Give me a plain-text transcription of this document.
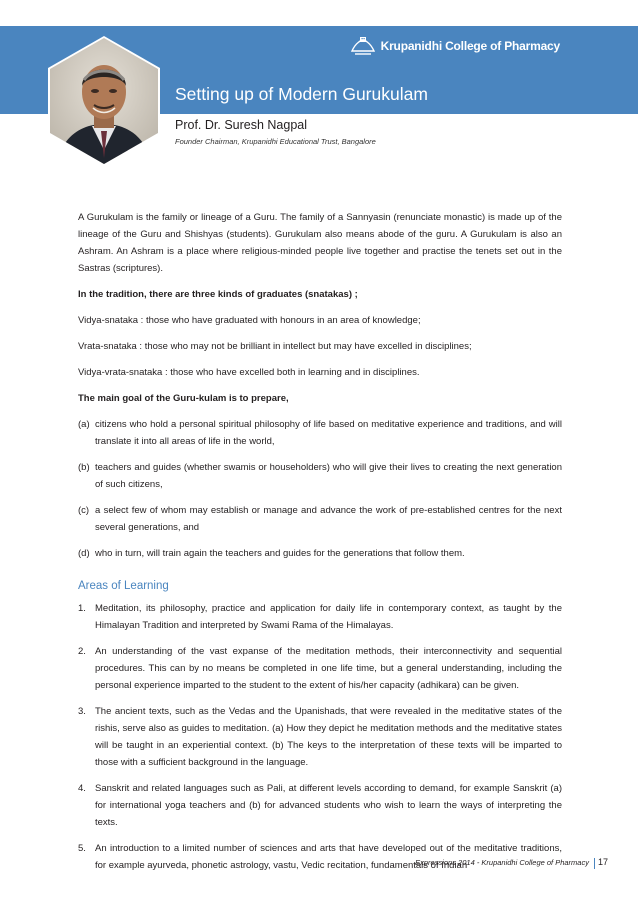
Krupanidhi College of Pharmacy
Setting up of Modern Gurukulam
Prof. Dr. Suresh Nagpal
Founder Chairman, Krupanidhi Educational Trust, Bangalore

A Gurukulam is the family or lineage of a Guru. The family of a Sannyasin (renunciate monastic) is made up of the lineage of the Guru and Shishyas (students). Gurukulam also means abode of the guru. A Gurukulam is also an Ashram. An Ashram is a place where religious-minded people live together and practise the tenets set out in the Sastras (scriptures).

In the tradition, there are three kinds of graduates (snatakas) ;

Vidya-snataka : those who have graduated with honours in an area of knowledge;

Vrata-snataka : those who may not be brilliant in intellect but may have excelled in disciplines;

Vidya-vrata-snataka : those who have excelled both in learning and in disciplines.

The main goal of the Guru-kulam is to prepare,

(a) citizens who hold a personal spiritual philosophy of life based on meditative experience and traditions, and will translate it into all areas of life in the world,
(b) teachers and guides (whether swamis or householders) who will give their lives to creating the next generation of such citizens,
(c) a select few of whom may establish or manage and advance the work of pre-established centres for the next several generations, and
(d) who in turn, will train again the teachers and guides for the generations that follow them.
Areas of Learning
1. Meditation, its philosophy, practice and application for daily life in contemporary context, as taught by the Himalayan Tradition and interpreted by Swami Rama of the Himalayas.
2. An understanding of the vast expanse of the meditation methods, their interconnectivity and sequential procedures. This can by no means be completed in one life time, but a general understanding, including the personal experience imparted to the student to the extent of his/her capacity (adhikara) can be given.
3. The ancient texts, such as the Vedas and the Upanishads, that were revealed in the meditative states of the rishis, serve also as guides to meditation. (a) How they depict he meditation methods and the meditative states will be taught in an experiential context. (b) The keys to the interpretation of these texts will be imparted to those with a sufficient background in the language.
4. Sanskrit and related languages such as Pali, at different levels according to demand, for example Sanskrit (a) for international yoga teachers and (b) for advanced students who wish to learn the ways of interpreting the texts.
5. An introduction to a limited number of sciences and arts that have developed out of the meditative traditions, for example ayurveda, phonetic astrology, vastu, Vedic recitation, fundamentals of Indian
Expressions 2014 - Krupanidhi College of Pharmacy 17
